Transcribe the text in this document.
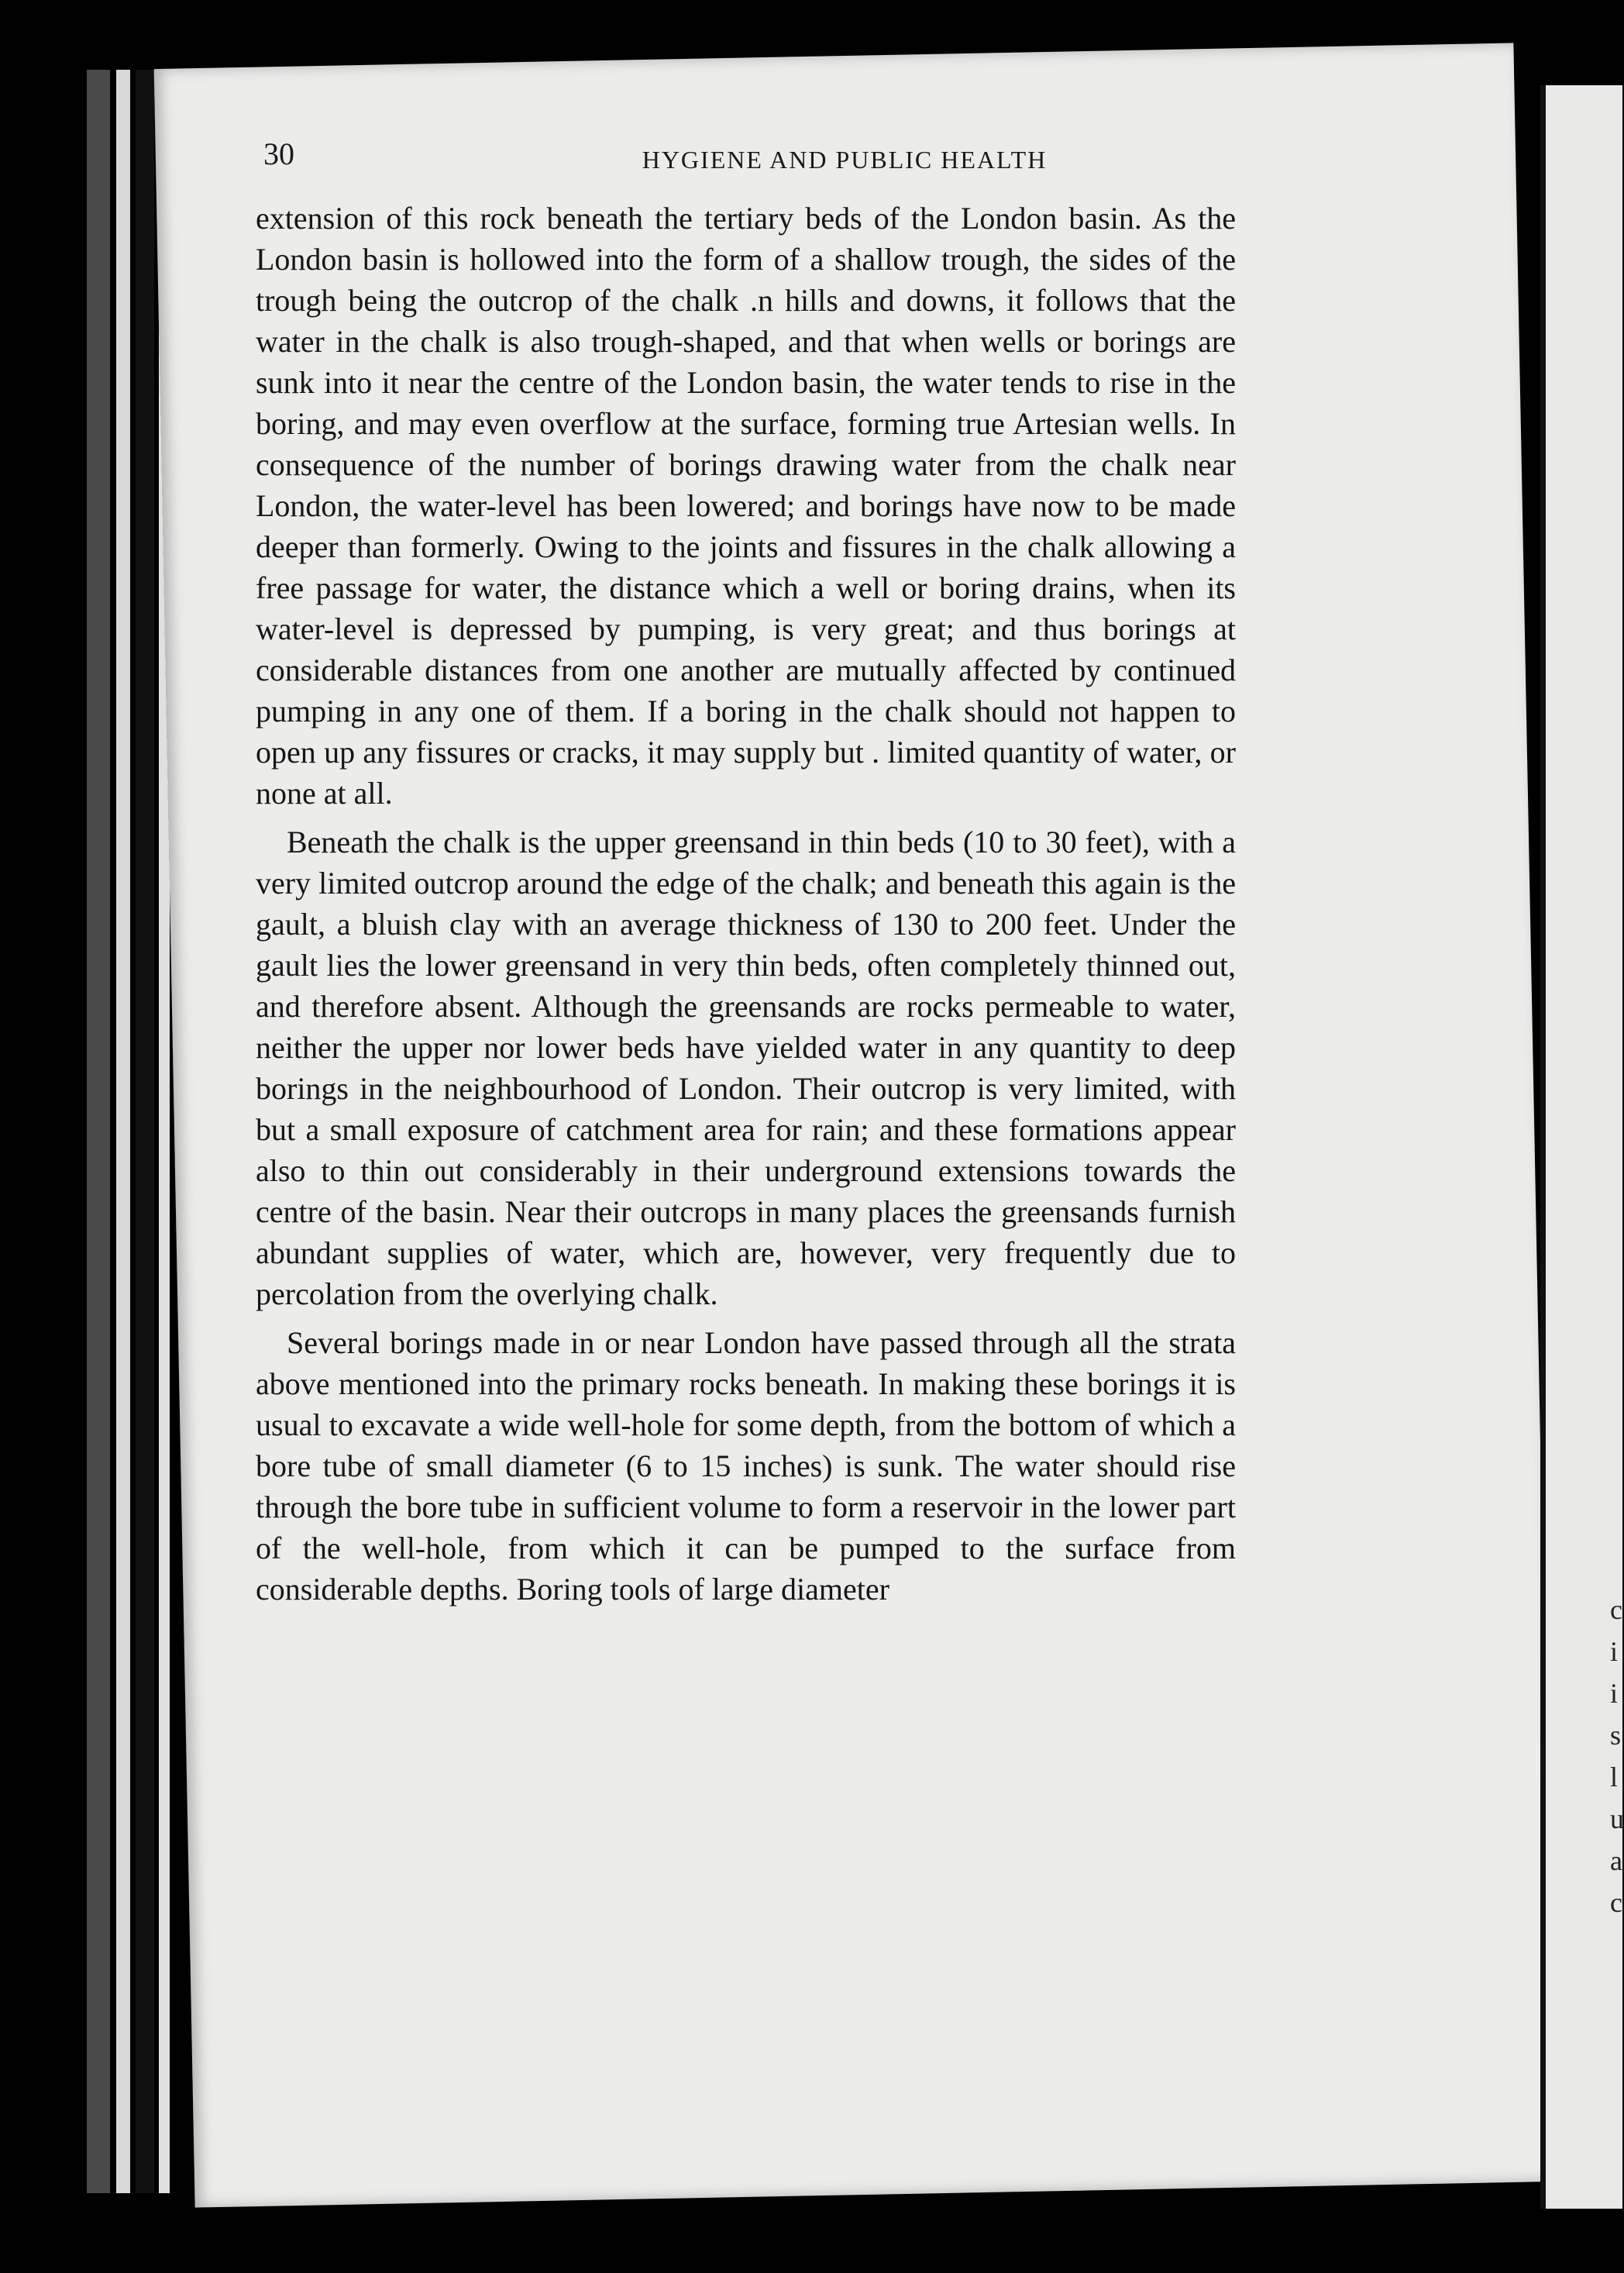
30	HYGIENE AND PUBLIC HEALTH

extension of this rock beneath the tertiary beds of the London basin. As the London basin is hollowed into the form of a shallow trough, the sides of the trough being the outcrop of the chalk .n hills and downs, it follows that the water in the chalk is also trough-shaped, and that when wells or borings are sunk into it near the centre of the London basin, the water tends to rise in the boring, and may even overflow at the surface, forming true Artesian wells. In consequence of the number of borings drawing water from the chalk near London, the water-level has been lowered; and borings have now to be made deeper than formerly. Owing to the joints and fissures in the chalk allowing a free passage for water, the distance which a well or boring drains, when its water-level is depressed by pumping, is very great; and thus borings at considerable distances from one another are mutually affected by continued pumping in any one of them. If a boring in the chalk should not happen to open up any fissures or cracks, it may supply but . limited quantity of water, or none at all.

Beneath the chalk is the upper greensand in thin beds (10 to 30 feet), with a very limited outcrop around the edge of the chalk; and beneath this again is the gault, a bluish clay with an average thickness of 130 to 200 feet. Under the gault lies the lower greensand in very thin beds, often completely thinned out, and therefore absent. Although the greensands are rocks permeable to water, neither the upper nor lower beds have yielded water in any quantity to deep borings in the neighbourhood of London. Their outcrop is very limited, with but a small exposure of catchment area for rain; and these formations appear also to thin out considerably in their underground extensions towards the centre of the basin. Near their outcrops in many places the greensands furnish abundant supplies of water, which are, however, very frequently due to percolation from the overlying chalk.

Several borings made in or near London have passed through all the strata above mentioned into the primary rocks beneath. In making these borings it is usual to excavate a wide well-hole for some depth, from the bottom of which a bore tube of small diameter (6 to 15 inches) is sunk. The water should rise through the bore tube in sufficient volume to form a reservoir in the lower part of the well-hole, from which it can be pumped to the surface from considerable depths. Boring tools of large diameter

c
i
i
s
l
u
a
c
